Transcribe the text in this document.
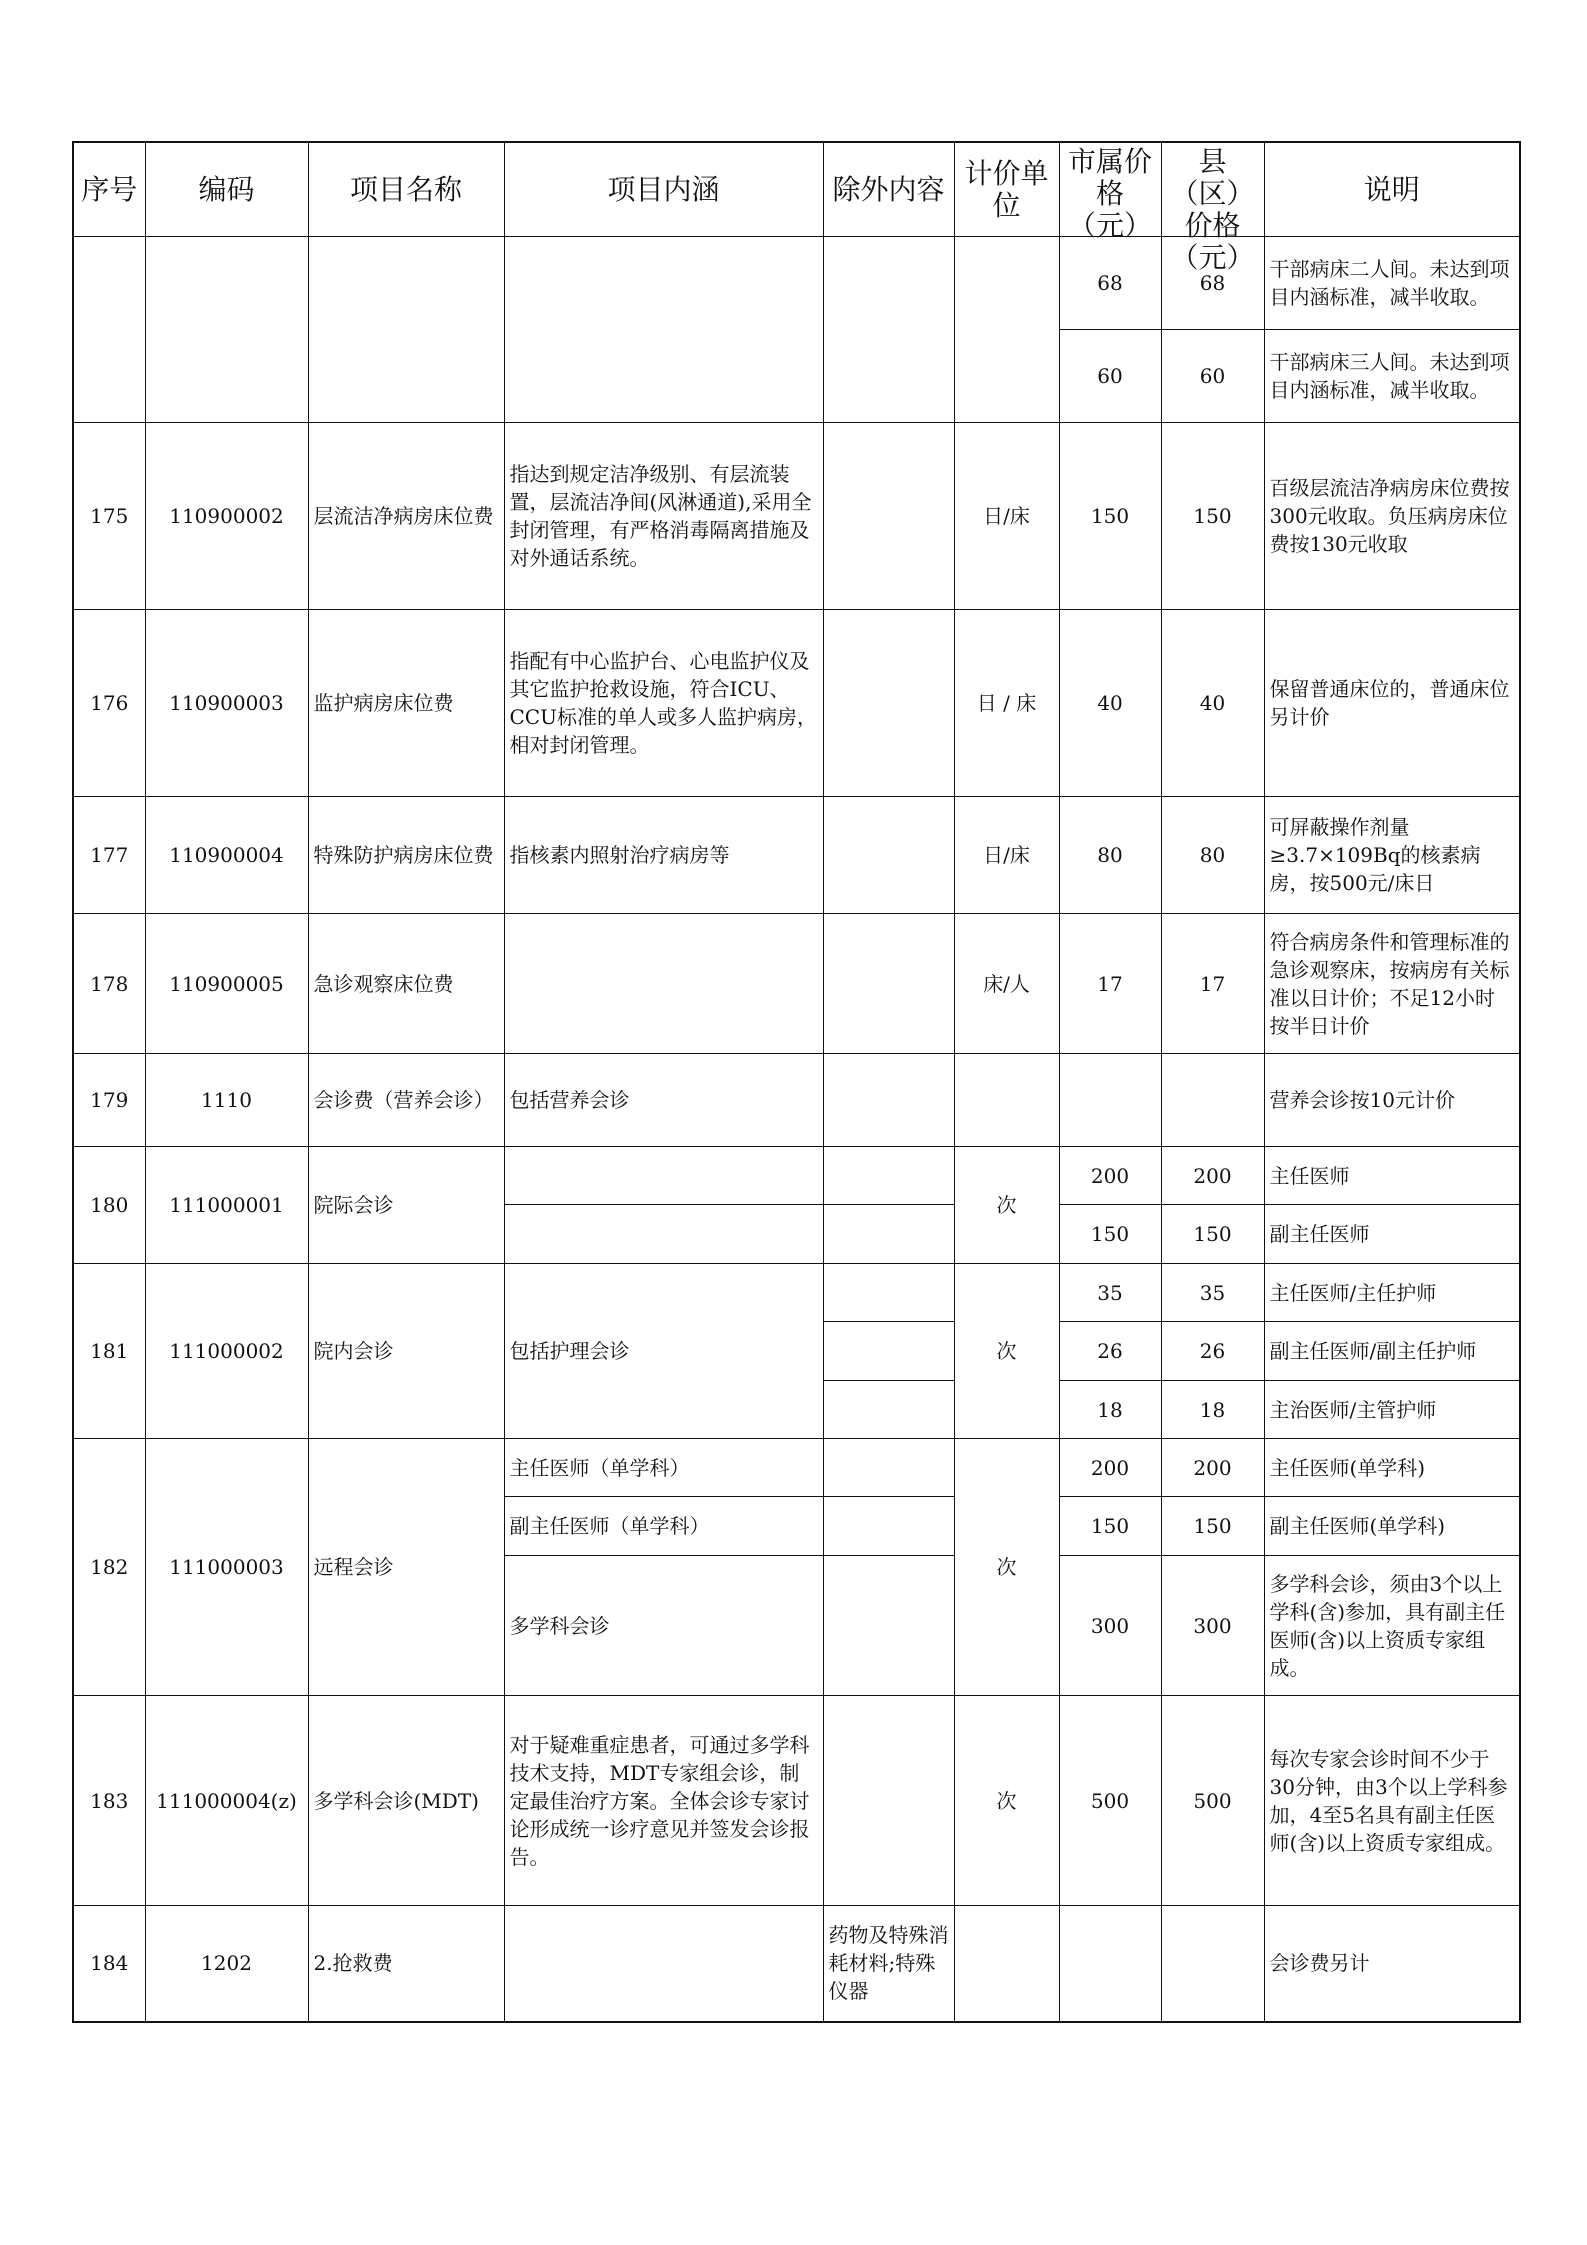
序号	编码	项目名称	项目内涵	除外内容	计价单位	市属价格（元）	县（区）价格（元）	说明
						68	68	干部病床二人间。未达到项目内涵标准，减半收取。
						60	60	干部病床三人间。未达到项目内涵标准，减半收取。
175	110900002	层流洁净病房床位费	指达到规定洁净级别、有层流装置，层流洁净间(风淋通道),采用全封闭管理，有严格消毒隔离措施及对外通话系统。		日/床	150	150	百级层流洁净病房床位费按300元收取。负压病房床位费按130元收取
176	110900003	监护病房床位费	指配有中心监护台、心电监护仪及其它监护抢救设施，符合ICU、CCU标准的单人或多人监护病房，相对封闭管理。		日 / 床	40	40	保留普通床位的，普通床位另计价
177	110900004	特殊防护病房床位费	指核素内照射治疗病房等		日/床	80	80	可屏蔽操作剂量≥3.7×109Bq的核素病房，按500元/床日
178	110900005	急诊观察床位费			床/人	17	17	符合病房条件和管理标准的急诊观察床，按病房有关标准以日计价；不足12小时按半日计价
179	1110	会诊费（营养会诊）	包括营养会诊					营养会诊按10元计价
180	111000001	院际会诊			次	200	200	主任医师
						150	150	副主任医师
181	111000002	院内会诊	包括护理会诊		次	35	35	主任医师/主任护师
						26	26	副主任医师/副主任护师
						18	18	主治医师/主管护师
182	111000003	远程会诊	主任医师（单学科）		次	200	200	主任医师(单学科)
			副主任医师（单学科）			150	150	副主任医师(单学科)
			多学科会诊			300	300	多学科会诊，须由3个以上学科(含)参加，具有副主任医师(含)以上资质专家组成。
183	111000004(z)	多学科会诊(MDT)	对于疑难重症患者，可通过多学科技术支持，MDT专家组会诊，制定最佳治疗方案。全体会诊专家讨论形成统一诊疗意见并签发会诊报告。		次	500	500	每次专家会诊时间不少于30分钟，由3个以上学科参加，4至5名具有副主任医师(含)以上资质专家组成。
184	1202	2.抢救费		药物及特殊消耗材料;特殊仪器				会诊费另计
